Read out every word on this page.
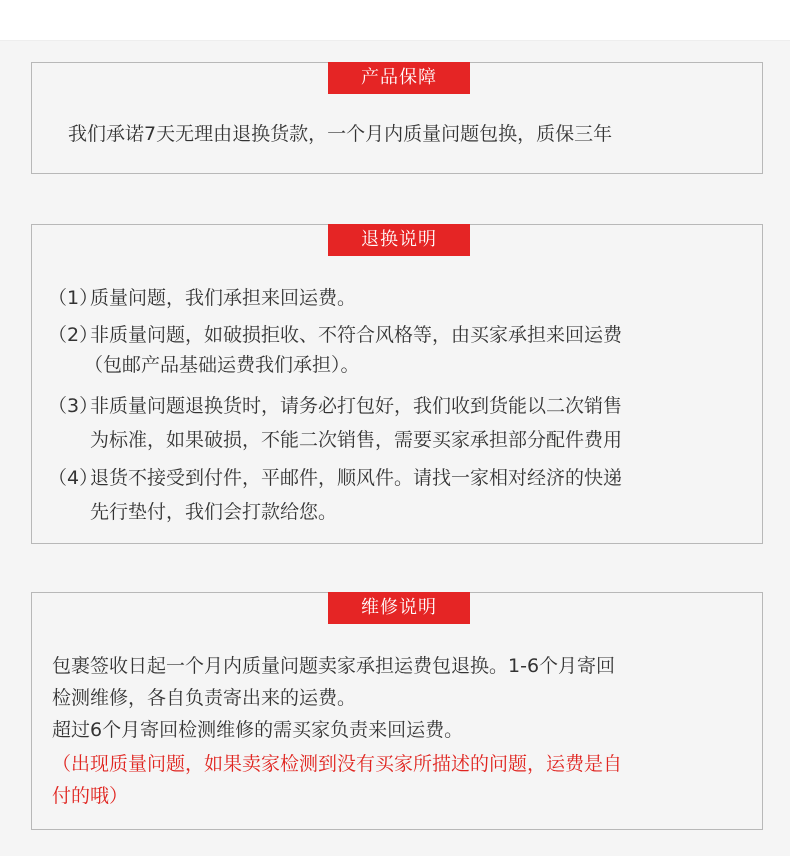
产品保障

我们承诺7天无理由退换货款，一个月内质量问题包换，质保三年

退换说明
（1）质量问题，我们承担来回运费。
（2）非质量问题，如破损拒收、不符合风格等，由买家承担来回运费
（包邮产品基础运费我们承担）。
（3）非质量问题退换货时，请务必打包好，我们收到货能以二次销售
为标准，如果破损，不能二次销售，需要买家承担部分配件费用
（4）退货不接受到付件，平邮件，顺风件。请找一家相对经济的快递
先行垫付，我们会打款给您。
维修说明

包裹签收日起一个月内质量问题卖家承担运费包退换。1-6个月寄回

检测维修，各自负责寄出来的运费。

超过6个月寄回检测维修的需买家负责来回运费。

（出现质量问题，如果卖家检测到没有买家所描述的问题，运费是自

付的哦）
